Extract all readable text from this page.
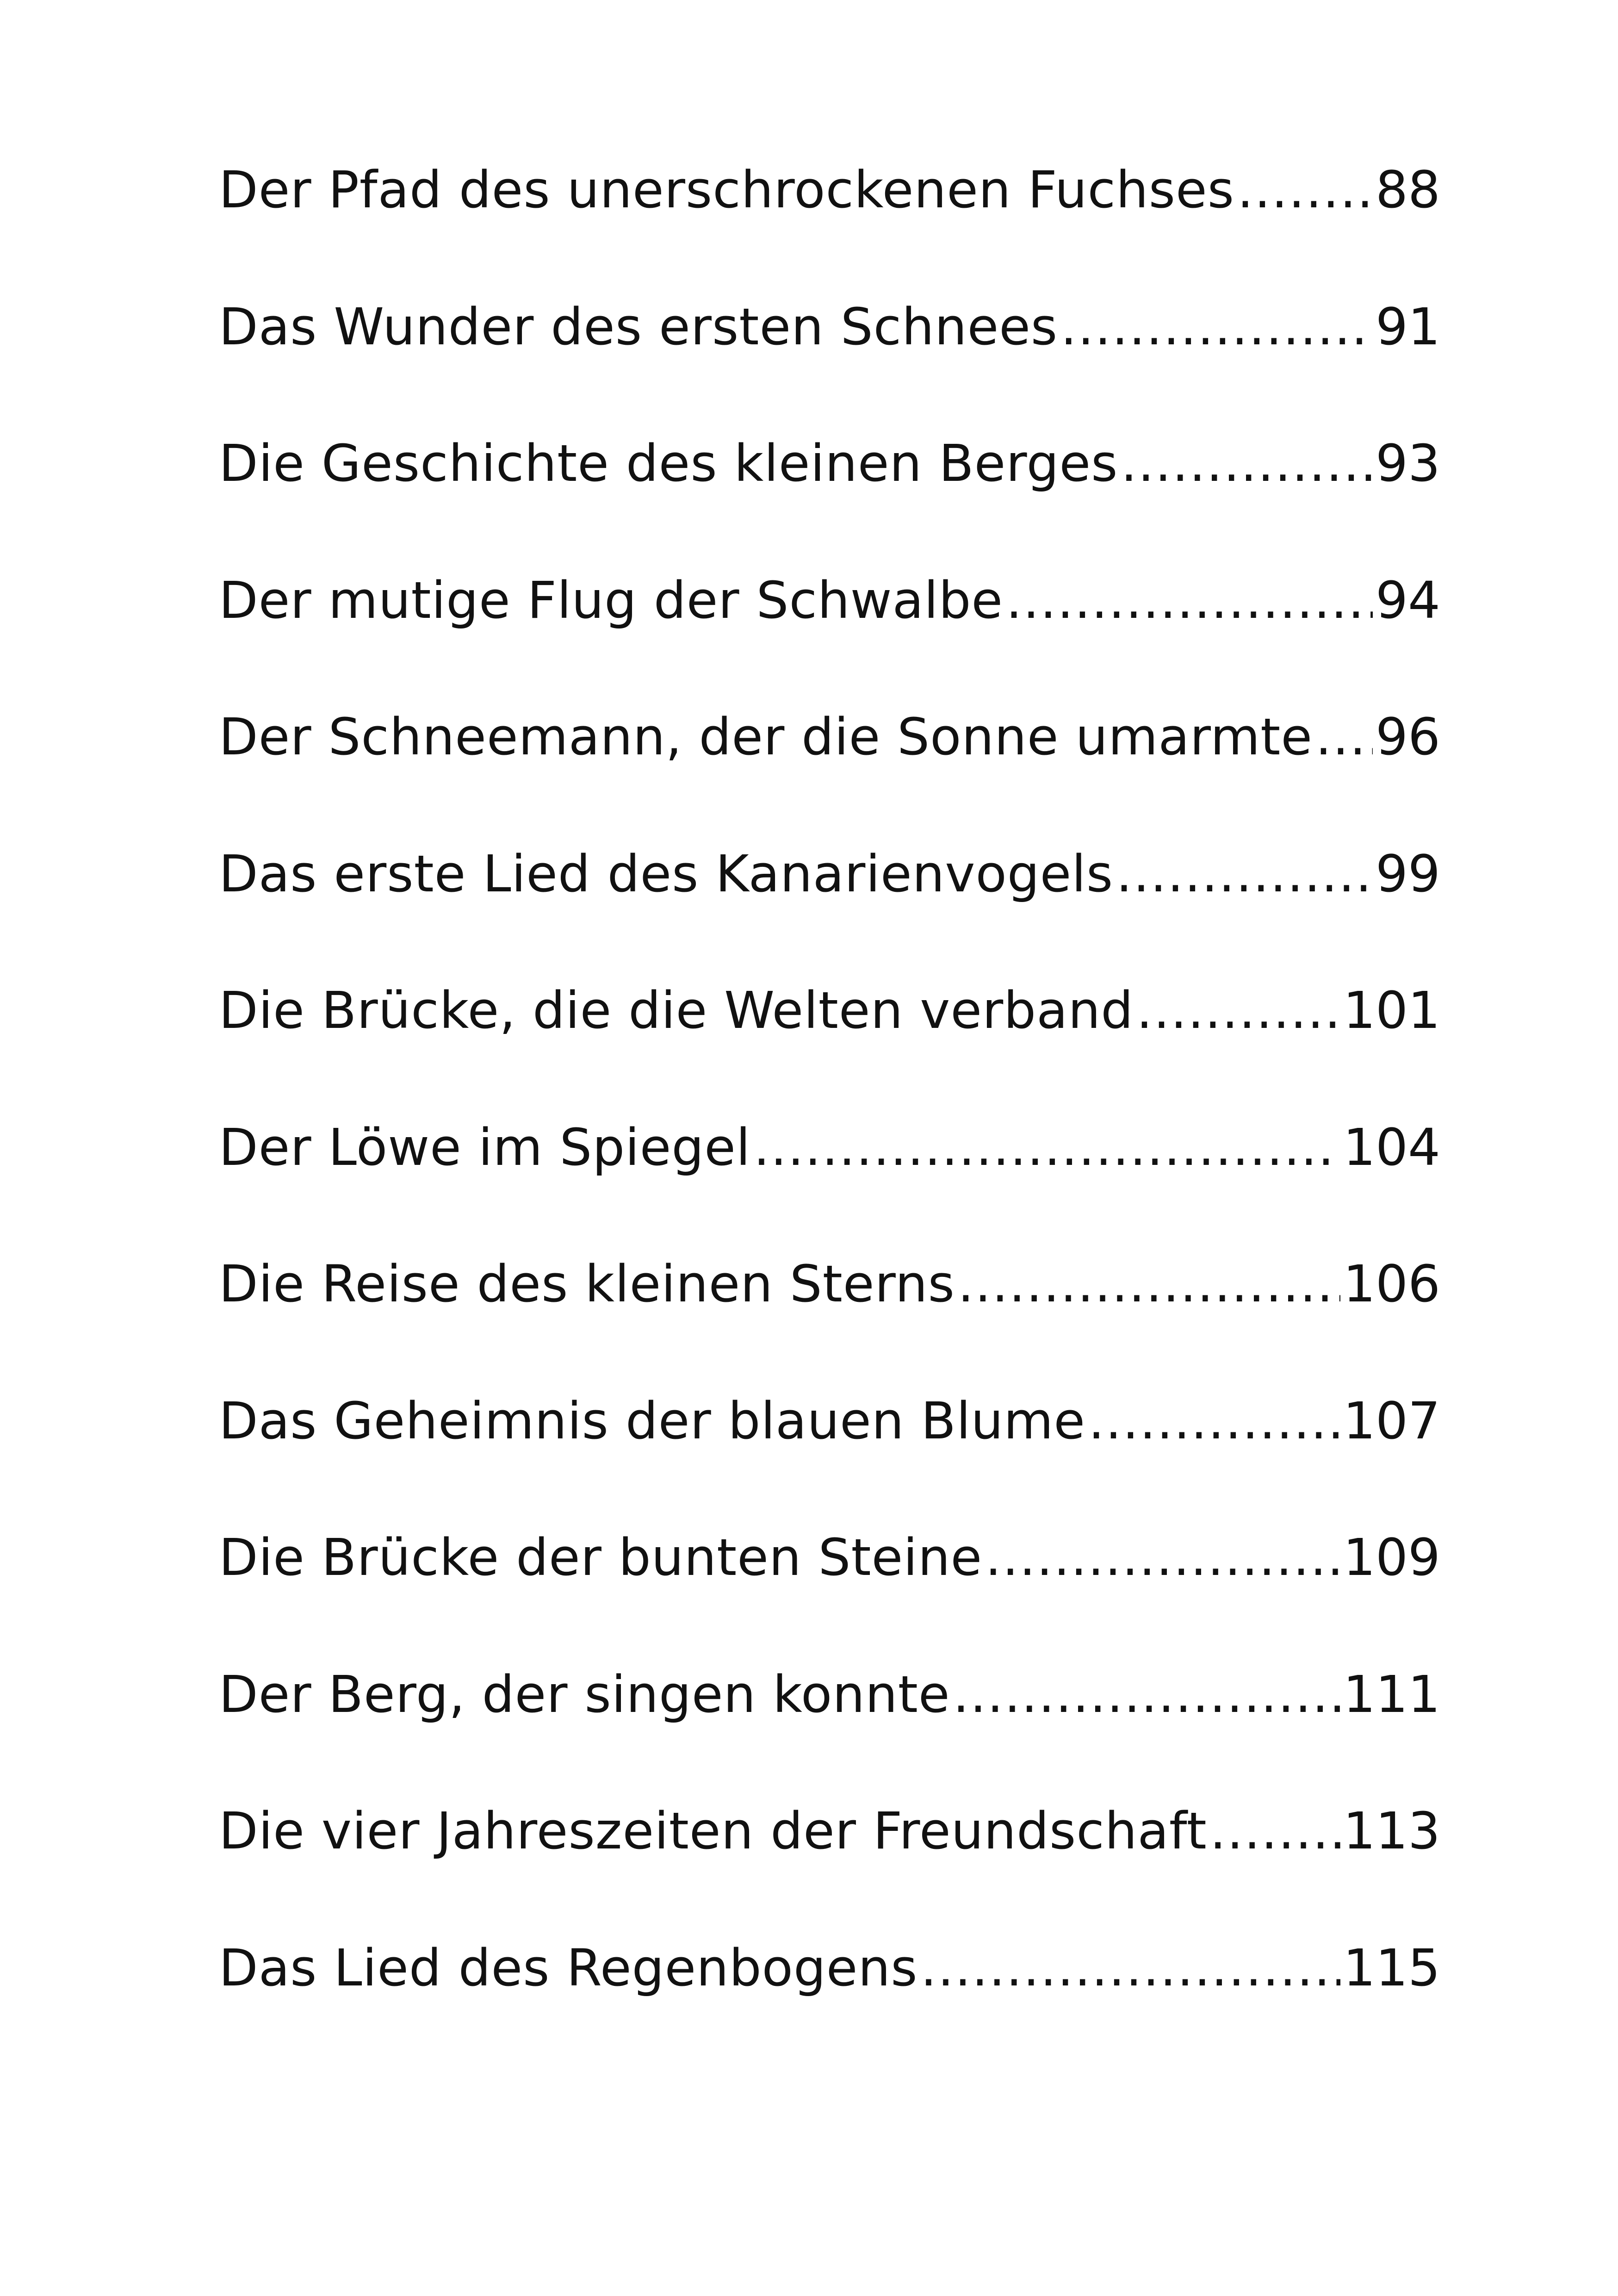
Der Pfad des unerschrockenen Fuchses .....	88
Das Wunder des ersten Schnees .....	91
Die Geschichte des kleinen Berges .....	93
Der mutige Flug der Schwalbe .....	94
Der Schneemann, der die Sonne umarmte ..... 96
Das erste Lied des Kanarienvogels .....	99
Die Brücke, die die Welten verband .....	101
Der Löwe im Spiegel .....	104
Die Reise des kleinen Sterns .....	106
Das Geheimnis der blauen Blume .....	107
Die Brücke der bunten Steine .....	109
Der Berg, der singen konnte .....	111
Die vier Jahreszeiten der Freundschaft .....	113
Das Lied des Regenbogens .....	115
